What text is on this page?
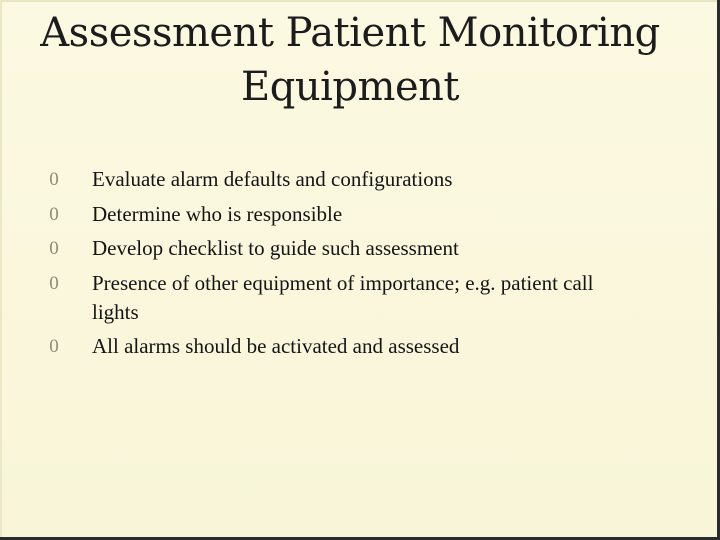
Assessment Patient Monitoring Equipment
0 Evaluate alarm defaults and configurations
0 Determine who is responsible
0 Develop checklist to guide such assessment
0 Presence of other equipment of importance; e.g. patient call lights
0 All alarms should be activated and assessed
